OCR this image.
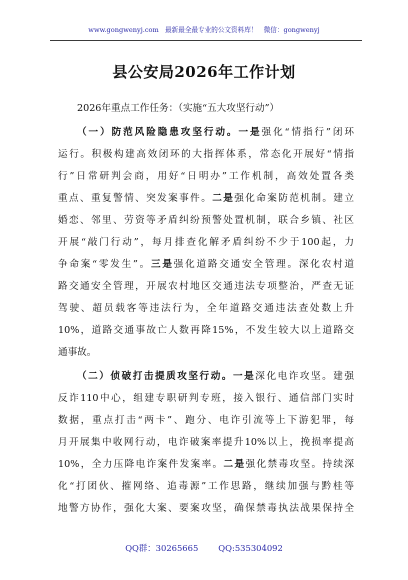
www.gongwenyj.com 最新最全最专业的公文资料库！ 微信：gongwenyj
县公安局2026年工作计划
2026年重点工作任务：（实施“五大攻坚行动”）
（一）防范风险隐患攻坚行动。一是强化“情指行”闭环
运行。积极构建高效闭环的大指挥体系，常态化开展好“情指
行”日常研判会商，用好“日明办”工作机制，高效处置各类
重点、重复警情、突发案事件。二是强化命案防范机制。建立
婚恋、邻里、劳资等矛盾纠纷预警处置机制，联合乡镇、社区
开展“敲门行动”，每月排查化解矛盾纠纷不少于100起，力
争命案“零发生”。三是强化道路交通安全管理。深化农村道
路交通安全管理，开展农村地区交通违法专项整治，严查无证
驾驶、超员载客等违法行为，全年道路交通违法查处数上升
10%，道路交通事故亡人数再降15%，不发生较大以上道路交
通事故。
（二）侦破打击提质攻坚行动。一是深化电诈攻坚。建强
反诈110中心，组建专职研判专班，接入银行、通信部门实时
数据，重点打击“两卡”、跑分、电诈引流等上下游犯罪，每
月开展集中收网行动，电诈破案率提升10%以上，挽损率提高
10%，全力压降电诈案件发案率。二是强化禁毒攻坚。持续深
化“打团伙、摧网络、追毒源”工作思路，继续加强与黔桂等
地警方协作，强化大案、要案攻坚，确保禁毒执法战果保持全
QQ群：30265665 QQ:535304092
